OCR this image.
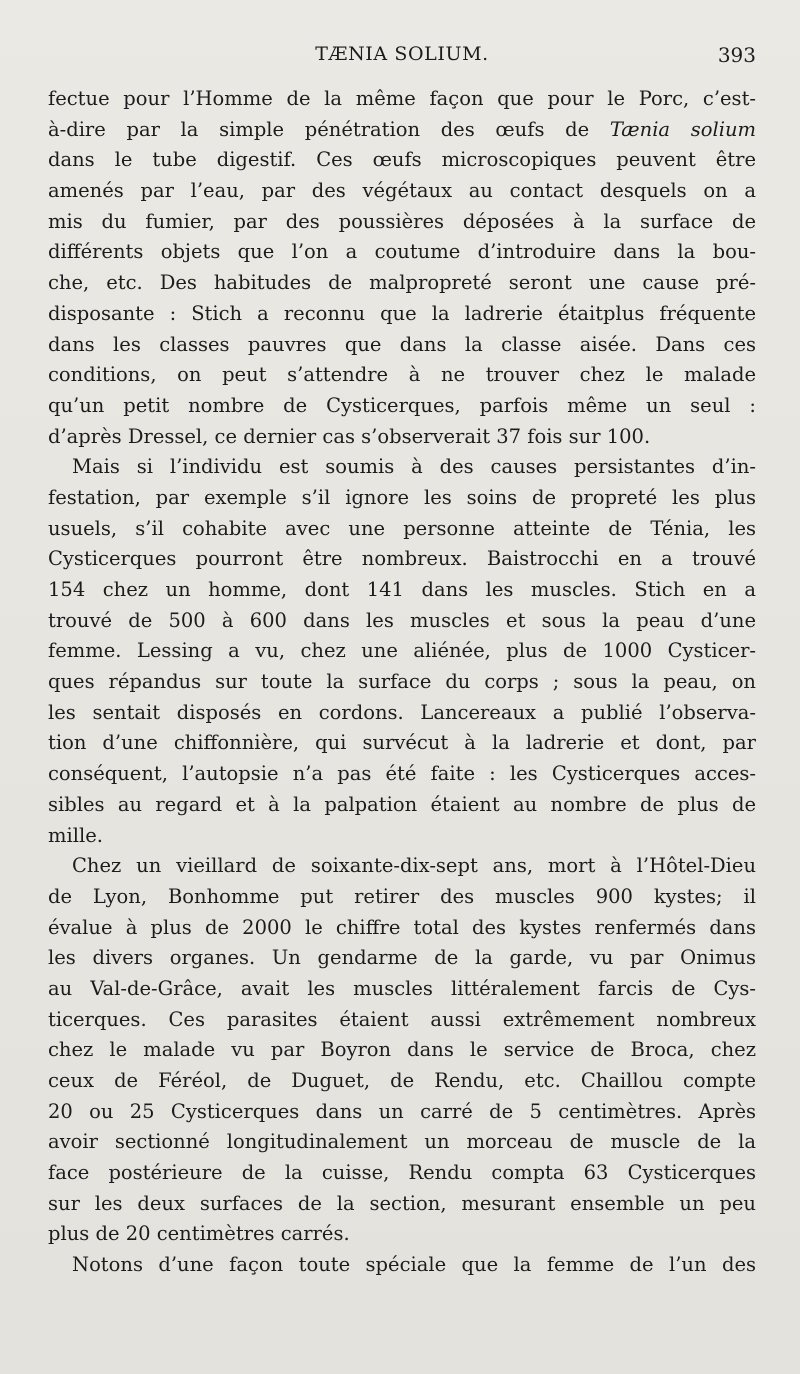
TÆNIA SOLIUM.	393
fectue pour l’Homme de la même façon que pour le Porc, c’est-
à-dire par la simple pénétration des œufs de Tænia solium
dans le tube digestif. Ces œufs microscopiques peuvent être
amenés par l’eau, par des végétaux au contact desquels on a
mis du fumier, par des poussières déposées à la surface de
différents objets que l’on a coutume d’introduire dans la bou-
che, etc. Des habitudes de malpropreté seront une cause pré-
disposante : Stich a reconnu que la ladrerie étaitplus fréquente
dans les classes pauvres que dans la classe aisée. Dans ces
conditions, on peut s’attendre à ne trouver chez le malade
qu’un petit nombre de Cysticerques, parfois même un seul :
d’après Dressel, ce dernier cas s’observerait 37 fois sur 100.
Mais si l’individu est soumis à des causes persistantes d’in-
festation, par exemple s’il ignore les soins de propreté les plus
usuels, s’il cohabite avec une personne atteinte de Ténia, les
Cysticerques pourront être nombreux. Baistrocchi en a trouvé
154 chez un homme, dont 141 dans les muscles. Stich en a
trouvé de 500 à 600 dans les muscles et sous la peau d’une
femme. Lessing a vu, chez une aliénée, plus de 1000 Cysticer-
ques répandus sur toute la surface du corps ; sous la peau, on
les sentait disposés en cordons. Lancereaux a publié l’observa-
tion d’une chiffonnière, qui survécut à la ladrerie et dont, par
conséquent, l’autopsie n’a pas été faite : les Cysticerques acces-
sibles au regard et à la palpation étaient au nombre de plus de
mille.
Chez un vieillard de soixante-dix-sept ans, mort à l’Hôtel-Dieu
de Lyon, Bonhomme put retirer des muscles 900 kystes; il
évalue à plus de 2000 le chiffre total des kystes renfermés dans
les divers organes. Un gendarme de la garde, vu par Onimus
au Val-de-Grâce, avait les muscles littéralement farcis de Cys-
ticerques. Ces parasites étaient aussi extrêmement nombreux
chez le malade vu par Boyron dans le service de Broca, chez
ceux de Féréol, de Duguet, de Rendu, etc. Chaillou compte
20 ou 25 Cysticerques dans un carré de 5 centimètres. Après
avoir sectionné longitudinalement un morceau de muscle de la
face postérieure de la cuisse, Rendu compta 63 Cysticerques
sur les deux surfaces de la section, mesurant ensemble un peu
plus de 20 centimètres carrés.
Notons d’une façon toute spéciale que la femme de l’un des
